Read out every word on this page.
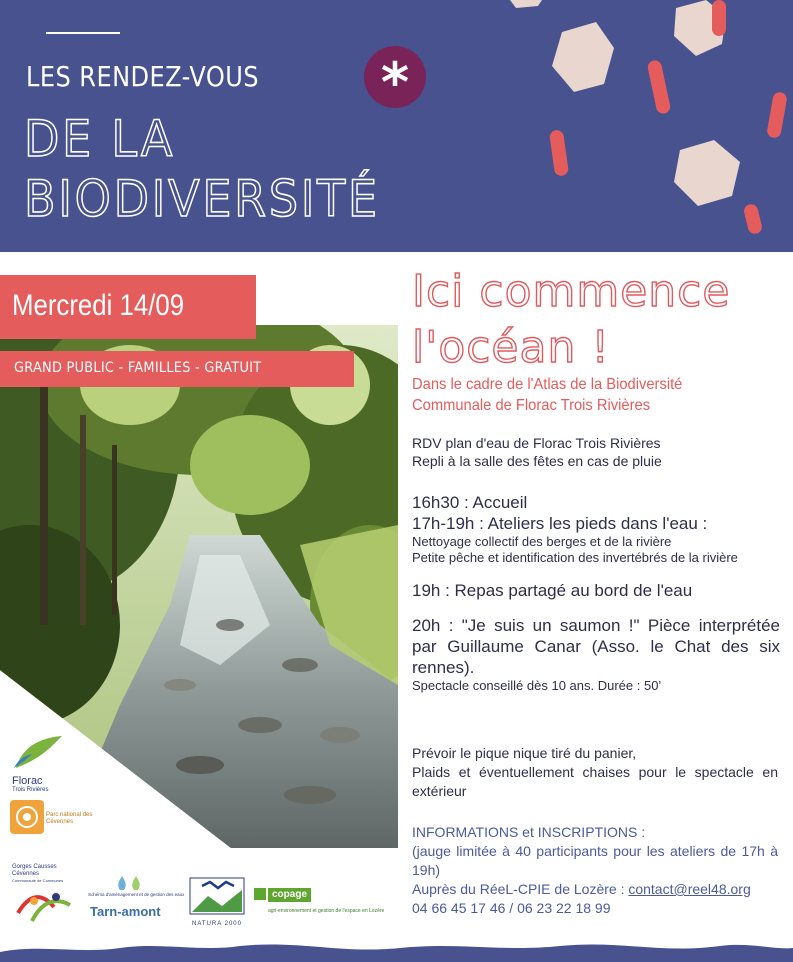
LES RENDEZ-VOUS
DE LA
BIODIVERSITÉ
*
Mercredi 14/09
GRAND PUBLIC - FAMILLES - GRATUIT
Ici commence
l'océan !
Dans le cadre de l'Atlas de la Biodiversité
Communale de Florac Trois Rivières
RDV plan d'eau de Florac Trois Rivières
Repli à la salle des fêtes en cas de pluie
16h30 : Accueil
17h-19h : Ateliers les pieds dans l'eau :
Nettoyage collectif des berges et de la rivière
Petite pêche et identification des invertébrés de la rivière
19h : Repas partagé au bord de l'eau
20h : "Je suis un saumon !" Pièce interprétée par Guillaume Canar (Asso. le Chat des six rennes).
Spectacle conseillé dès 10 ans. Durée : 50’
Prévoir le pique nique tiré du panier,
Plaids et éventuellement chaises pour le spectacle en extérieur
INFORMATIONS et INSCRIPTIONS :
(jauge limitée à 40 participants pour les ateliers de 17h à 19h)
Auprès du RéeL-CPIE de Lozère : contact@reel48.org
04 66 45 17 46 / 06 23 22 18 99
Florac
Trois Rivières
Parc national des Cévennes
Gorges Causses Cévennes
Communauté de Communes
Schéma d'aménagement et de gestion des eaux
Tarn-amont
NATURA 2000
copage
agri-environnement et gestion de l'espace en Lozère
